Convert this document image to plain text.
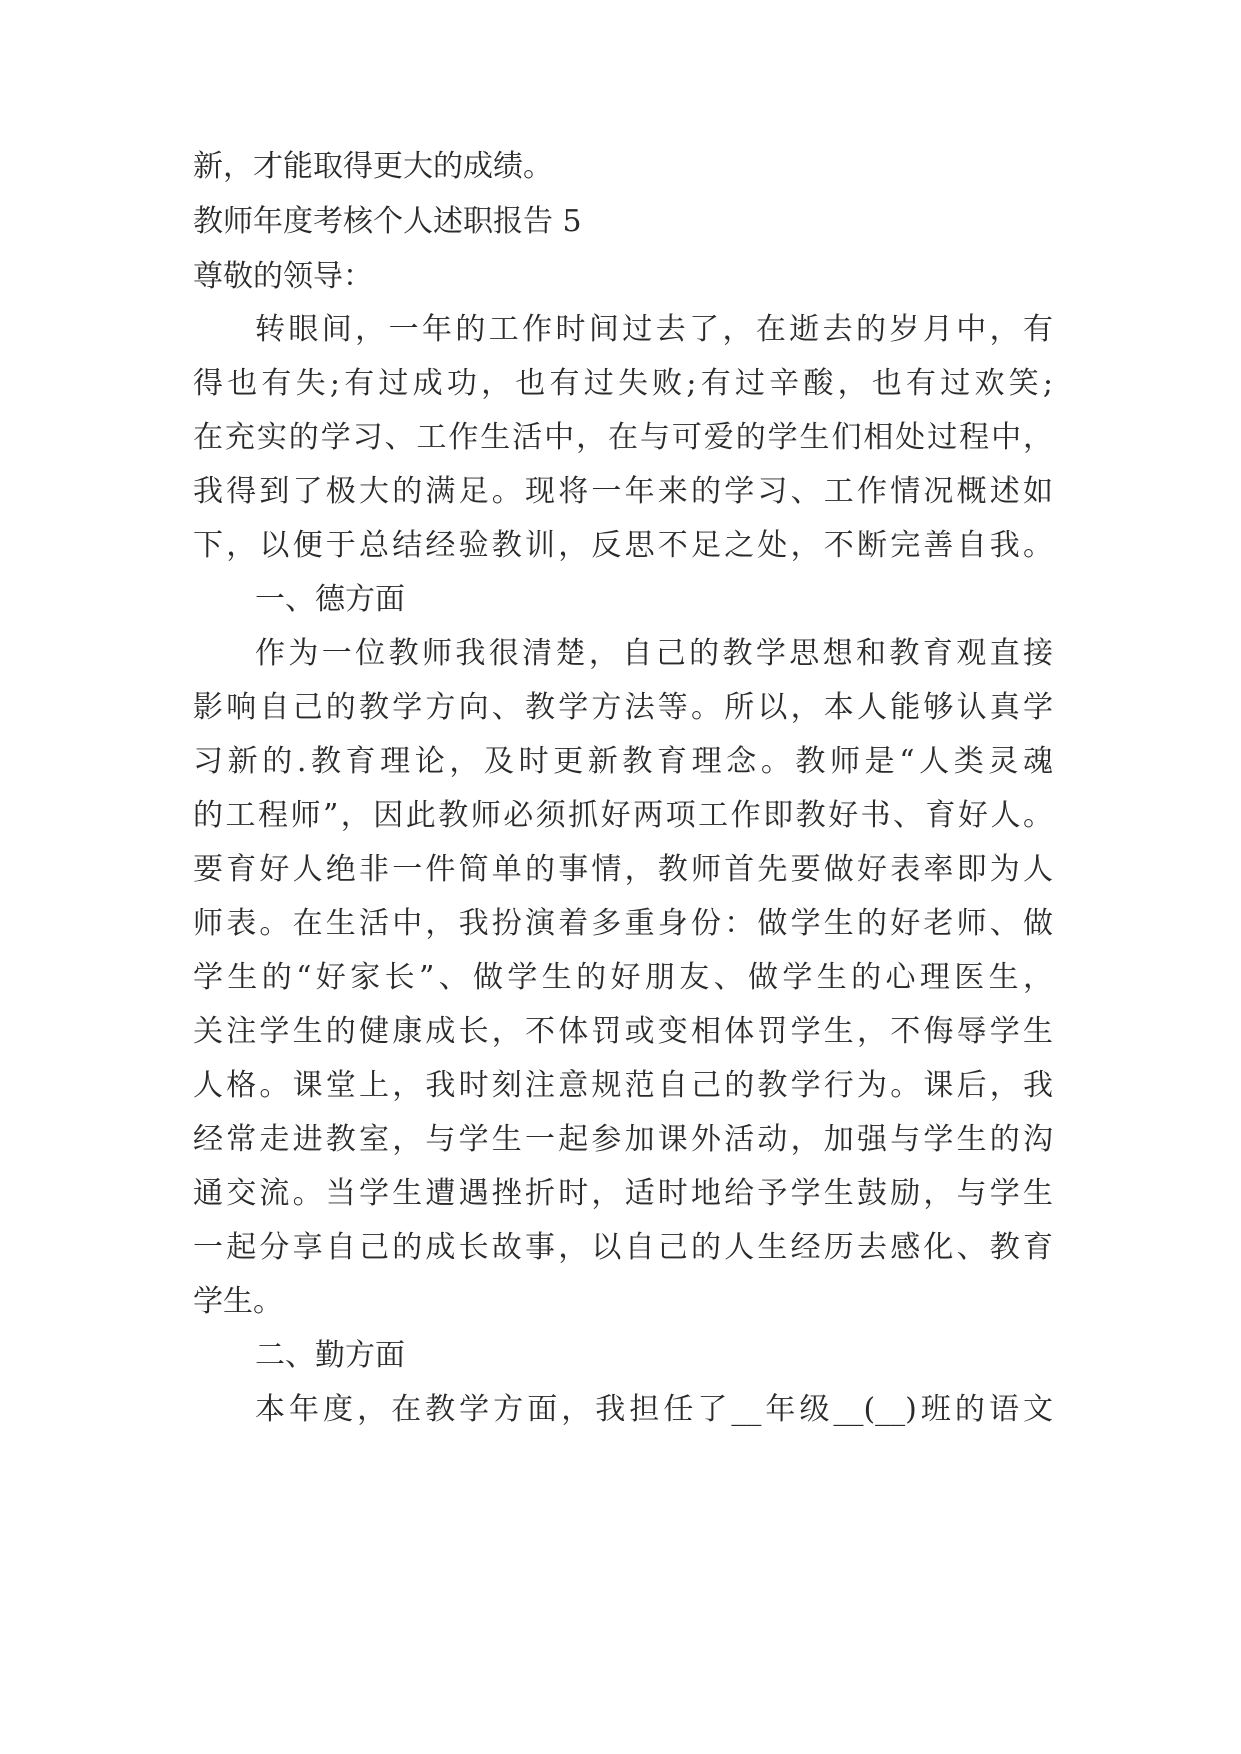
新，才能取得更大的成绩。
教师年度考核个人述职报告 5
尊敬的领导：
转眼间，一年的工作时间过去了，在逝去的岁月中，有
得也有失;有过成功，也有过失败;有过辛酸，也有过欢笑;
在充实的学习、工作生活中，在与可爱的学生们相处过程中，
我得到了极大的满足。现将一年来的学习、工作情况概述如
下，以便于总结经验教训，反思不足之处，不断完善自我。
一、德方面
作为一位教师我很清楚，自己的教学思想和教育观直接
影响自己的教学方向、教学方法等。所以，本人能够认真学
习新的.教育理论，及时更新教育理念。教师是“人类灵魂
的工程师”，因此教师必须抓好两项工作即教好书、育好人。
要育好人绝非一件简单的事情，教师首先要做好表率即为人
师表。在生活中，我扮演着多重身份：做学生的好老师、做
学生的“好家长”、做学生的好朋友、做学生的心理医生，
关注学生的健康成长，不体罚或变相体罚学生，不侮辱学生
人格。课堂上，我时刻注意规范自己的教学行为。课后，我
经常走进教室，与学生一起参加课外活动，加强与学生的沟
通交流。当学生遭遇挫折时，适时地给予学生鼓励，与学生
一起分享自己的成长故事，以自己的人生经历去感化、教育
学生。
二、勤方面
本年度，在教学方面，我担任了__年级__(__)班的语文
